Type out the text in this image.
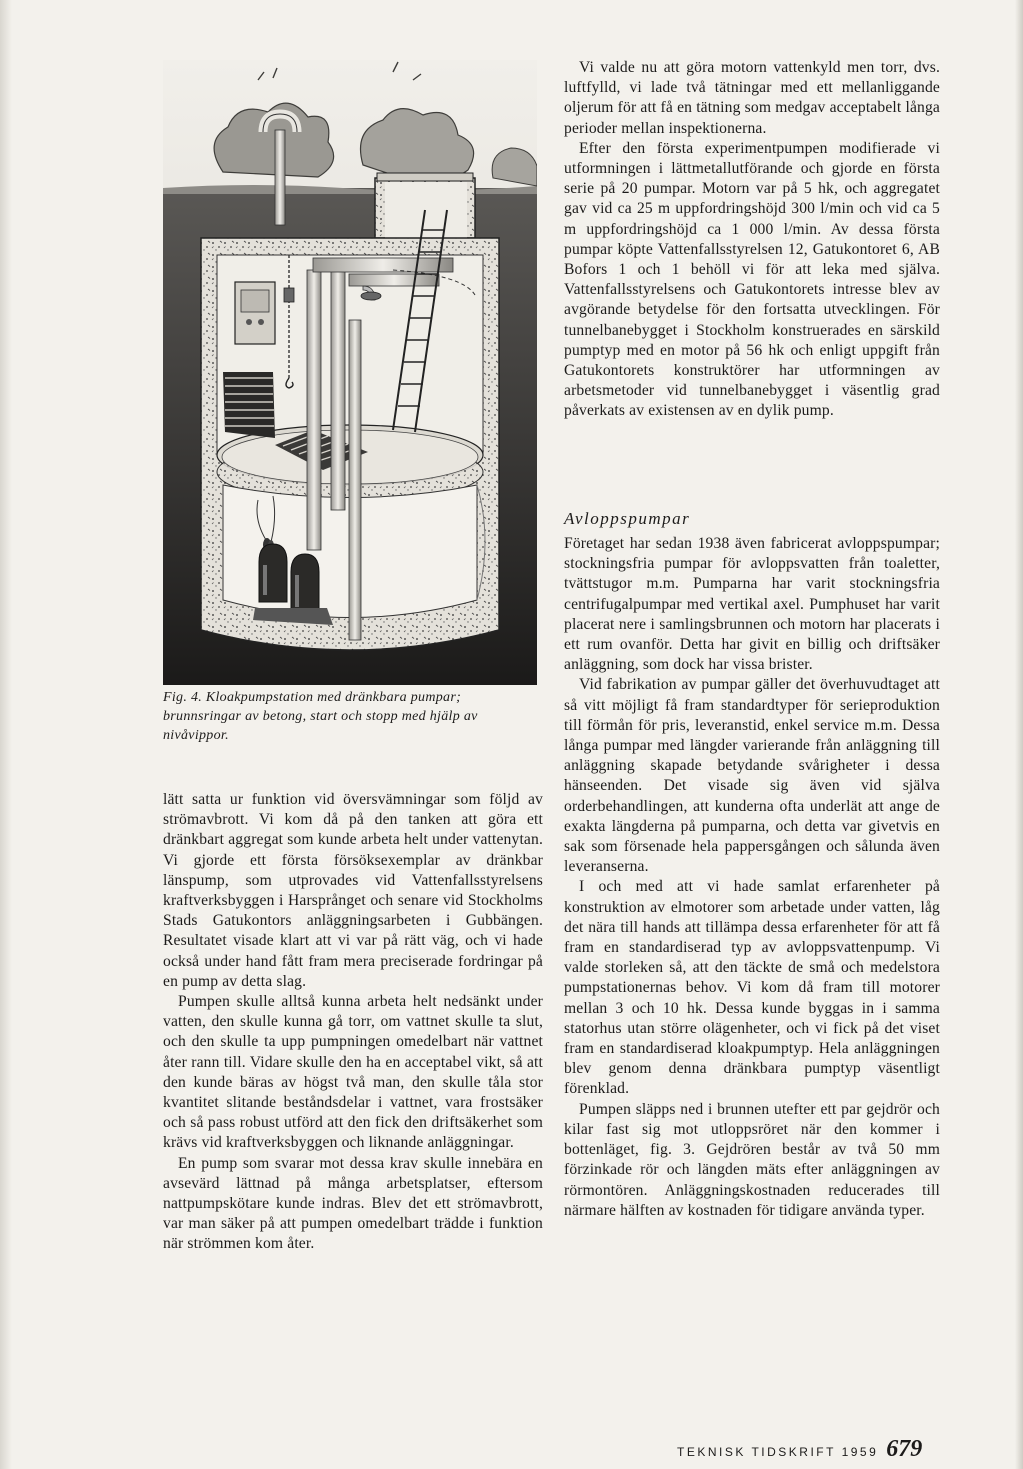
Fig. 4. Kloakpumpstation med dränkbara pumpar; brunnsringar av betong, start och stopp med hjälp av nivåvippor.

lätt satta ur funktion vid översvämningar som följd av strömavbrott. Vi kom då på den tanken att göra ett dränkbart aggregat som kunde arbeta helt under vattenytan. Vi gjorde ett första försöksexemplar av dränkbar länspump, som utprovades vid Vattenfallsstyrelsens kraftverksbyggen i Harsprånget och senare vid Stockholms Stads Gatukontors anläggningsarbeten i Gubbängen. Resultatet visade klart att vi var på rätt väg, och vi hade också under hand fått fram mera preciserade fordringar på en pump av detta slag.

Pumpen skulle alltså kunna arbeta helt nedsänkt under vatten, den skulle kunna gå torr, om vattnet skulle ta slut, och den skulle ta upp pumpningen omedelbart när vattnet åter rann till. Vidare skulle den ha en acceptabel vikt, så att den kunde bäras av högst två man, den skulle tåla stor kvantitet slitande beståndsdelar i vattnet, vara frostsäker och så pass robust utförd att den fick den driftsäkerhet som krävs vid kraftverksbyggen och liknande anläggningar.

En pump som svarar mot dessa krav skulle innebära en avsevärd lättnad på många arbetsplatser, eftersom nattpumpskötare kunde indras. Blev det ett strömavbrott, var man säker på att pumpen omedelbart trädde i funktion när strömmen kom åter.

Vi valde nu att göra motorn vattenkyld men torr, dvs. luftfylld, vi lade två tätningar med ett mellanliggande oljerum för att få en tätning som medgav acceptabelt långa perioder mellan inspektionerna.

Efter den första experimentpumpen modifierade vi utformningen i lättmetallutförande och gjorde en första serie på 20 pumpar. Motorn var på 5 hk, och aggregatet gav vid ca 25 m uppfordringshöjd 300 l/min och vid ca 5 m uppfordringshöjd ca 1 000 l/min. Av dessa första pumpar köpte Vattenfallsstyrelsen 12, Gatukontoret 6, AB Bofors 1 och 1 behöll vi för att leka med själva. Vattenfallsstyrelsens och Gatukontorets intresse blev av avgörande betydelse för den fortsatta utvecklingen. För tunnelbanebygget i Stockholm konstruerades en särskild pumptyp med en motor på 56 hk och enligt uppgift från Gatukontorets konstruktörer har utformningen av arbetsmetoder vid tunnelbanebygget i väsentlig grad påverkats av existensen av en dylik pump.

Avloppspumpar

Företaget har sedan 1938 även fabricerat avloppspumpar; stockningsfria pumpar för avloppsvatten från toaletter, tvättstugor m.m. Pumparna har varit stockningsfria centrifugalpumpar med vertikal axel. Pumphuset har varit placerat nere i samlingsbrunnen och motorn har placerats i ett rum ovanför. Detta har givit en billig och driftsäker anläggning, som dock har vissa brister.

Vid fabrikation av pumpar gäller det överhuvudtaget att så vitt möjligt få fram standardtyper för serieproduktion till förmån för pris, leveranstid, enkel service m.m. Dessa långa pumpar med längder varierande från anläggning till anläggning skapade betydande svårigheter i dessa hänseenden. Det visade sig även vid själva orderbehandlingen, att kunderna ofta underlät att ange de exakta längderna på pumparna, och detta var givetvis en sak som försenade hela pappersgången och sålunda även leveranserna.

I och med att vi hade samlat erfarenheter på konstruktion av elmotorer som arbetade under vatten, låg det nära till hands att tillämpa dessa erfarenheter för att få fram en standardiserad typ av avloppsvattenpump. Vi valde storleken så, att den täckte de små och medelstora pumpstationernas behov. Vi kom då fram till motorer mellan 3 och 10 hk. Dessa kunde byggas in i samma statorhus utan större olägenheter, och vi fick på det viset fram en standardiserad kloakpumptyp. Hela anläggningen blev genom denna dränkbara pumptyp väsentligt förenklad.

Pumpen släpps ned i brunnen utefter ett par gejdrör och kilar fast sig mot utloppsröret när den kommer i bottenläget, fig. 3. Gejdrören består av två 50 mm förzinkade rör och längden mäts efter anläggningen av rörmontören. Anläggningskostnaden reducerades till närmare hälften av kostnaden för tidigare använda typer.

TEKNISK TIDSKRIFT 1959 679
